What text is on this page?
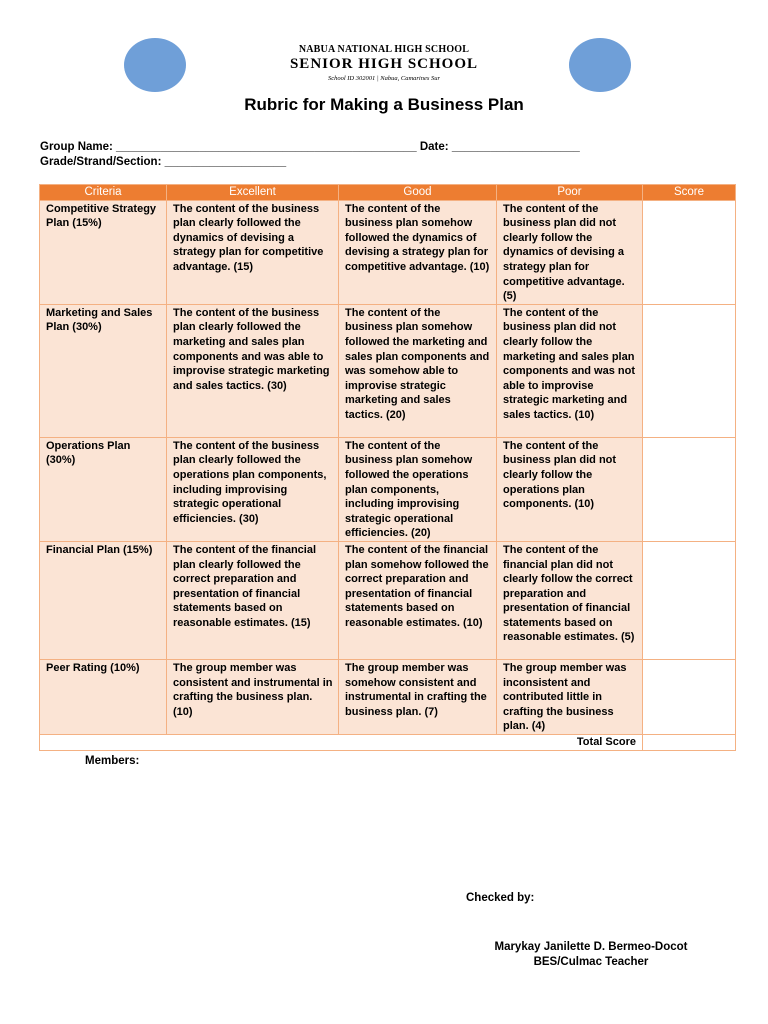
NABUA NATIONAL HIGH SCHOOL
SENIOR HIGH SCHOOL
School ID 302001 | Nabua, Camarines Sur
Rubric for Making a Business Plan
Group Name: _______________________________________________ Date: ____________________
Grade/Strand/Section: ___________________
Criteria	Excellent	Good	Poor	Score
Competitive Strategy Plan (15%)	The content of the business plan clearly followed the dynamics of devising a strategy plan for competitive advantage. (15)	The content of the business plan somehow followed the dynamics of devising a strategy plan for competitive advantage. (10)	The content of the business plan did not clearly follow the dynamics of devising a strategy plan for competitive advantage. (5)	
Marketing and Sales Plan (30%)	The content of the business plan clearly followed the marketing and sales plan components and was able to improvise strategic marketing and sales tactics. (30)	The content of the business plan somehow followed the marketing and sales plan components and was somehow able to improvise strategic marketing and sales tactics. (20)	The content of the business plan did not clearly follow the marketing and sales plan components and was not able to improvise strategic marketing and sales tactics. (10)	
Operations Plan (30%)	The content of the business plan clearly followed the operations plan components, including improvising strategic operational efficiencies. (30)	The content of the business plan somehow followed the operations plan components, including improvising strategic operational efficiencies. (20)	The content of the business plan did not clearly follow the operations plan components. (10)	
Financial Plan (15%)	The content of the financial plan clearly followed the correct preparation and presentation of financial statements based on reasonable estimates. (15)	The content of the financial plan somehow followed the correct preparation and presentation of financial statements based on reasonable estimates. (10)	The content of the financial plan did not clearly follow the correct preparation and presentation of financial statements based on reasonable estimates. (5)	
Peer Rating (10%)	The group member was consistent and instrumental in crafting the business plan. (10)	The group member was somehow consistent and instrumental in crafting the business plan. (7)	The group member was inconsistent and contributed little in crafting the business plan. (4)	
Total Score				
Members:
Checked by:
Marykay Janilette D. Bermeo-Docot
BES/Culmac Teacher
